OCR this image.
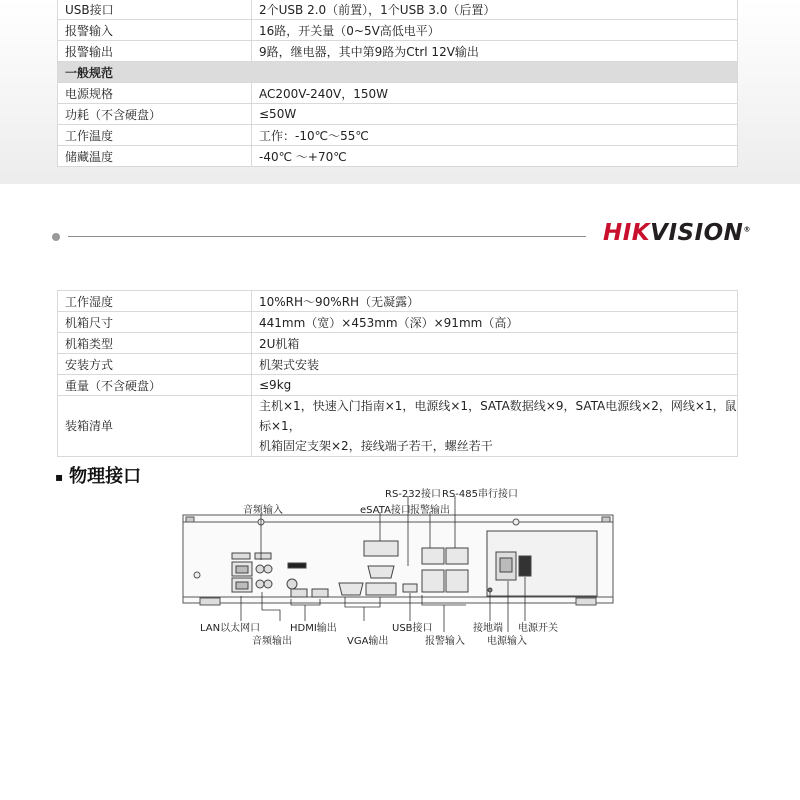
USB接口	2个USB 2.0（前置），1个USB 3.0（后置）
报警输入	16路，开关量（0~5V高低电平）
报警输出	9路，继电器，其中第9路为Ctrl 12V输出
一般规范	
电源规格	AC200V-240V，150W
功耗（不含硬盘）	≤50W
工作温度	工作：-10℃～55℃
储藏温度	-40℃ ～+70℃
HIKVISION®
工作湿度	10%RH～90%RH（无凝露）
机箱尺寸	441mm（宽）×453mm（深）×91mm（高）
机箱类型	2U机箱
安装方式	机架式安装
重量（不含硬盘）	≤9kg
装箱清单	主机×1，快速入门指南×1，电源线×1，SATA数据线×9，SATA电源线×2，网线×1，鼠标×1，
机箱固定支架×2，接线端子若干，螺丝若干
▪ 物理接口
音频输入
RS-232接口 RS-485串行接口
eSATA接口 报警输出
LAN以太网口
音频输出
HDMI输出
VGA输出
USB接口
报警输入
接地端
电源输入
电源开关
